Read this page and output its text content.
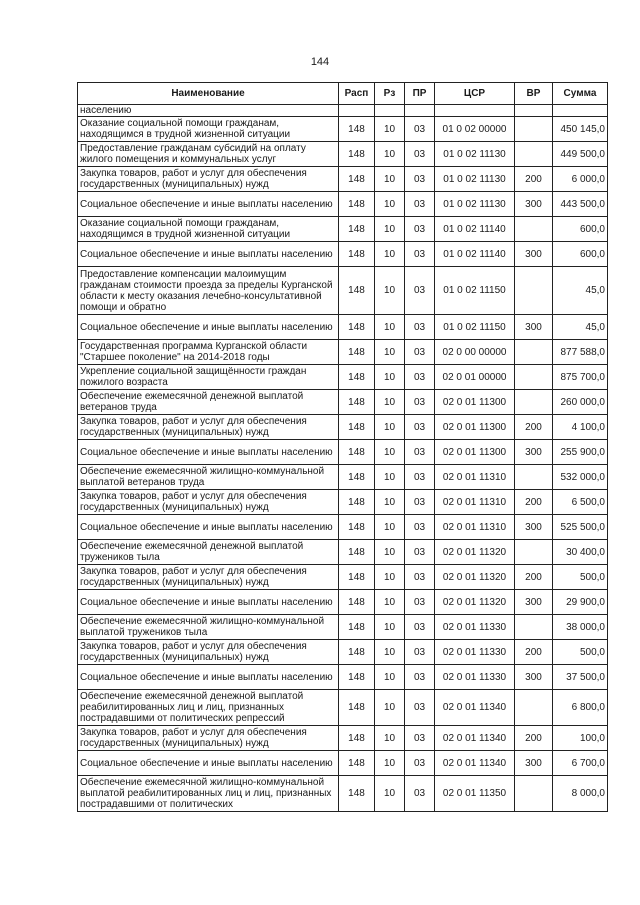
144
Наименование	Расп	Рз	ПР	ЦСР	ВР	Сумма
населению						
Оказание социальной помощи гражданам, находящимся в трудной жизненной ситуации	148	10	03	01 0 02 00000		450 145,0
Предоставление гражданам субсидий на оплату жилого помещения и коммунальных услуг	148	10	03	01 0 02 11130		449 500,0
Закупка товаров, работ и услуг для обеспечения государственных (муниципальных) нужд	148	10	03	01 0 02 11130	200	6 000,0
Социальное обеспечение и иные выплаты населению	148	10	03	01 0 02 11130	300	443 500,0
Оказание социальной помощи гражданам, находящимся в трудной жизненной ситуации	148	10	03	01 0 02 11140		600,0
Социальное обеспечение и иные выплаты населению	148	10	03	01 0 02 11140	300	600,0
Предоставление компенсации малоимущим гражданам стоимости проезда за пределы Курганской области к месту оказания лечебно-консультативной помощи и обратно	148	10	03	01 0 02 11150		45,0
Социальное обеспечение и иные выплаты населению	148	10	03	01 0 02 11150	300	45,0
Государственная программа Курганской области "Старшее поколение" на 2014-2018 годы	148	10	03	02 0 00 00000		877 588,0
Укрепление социальной защищённости граждан пожилого возраста	148	10	03	02 0 01 00000		875 700,0
Обеспечение ежемесячной денежной выплатой ветеранов труда	148	10	03	02 0 01 11300		260 000,0
Закупка товаров, работ и услуг для обеспечения государственных (муниципальных) нужд	148	10	03	02 0 01 11300	200	4 100,0
Социальное обеспечение и иные выплаты населению	148	10	03	02 0 01 11300	300	255 900,0
Обеспечение ежемесячной жилищно-коммунальной выплатой ветеранов труда	148	10	03	02 0 01 11310		532 000,0
Закупка товаров, работ и услуг для обеспечения государственных (муниципальных) нужд	148	10	03	02 0 01 11310	200	6 500,0
Социальное обеспечение и иные выплаты населению	148	10	03	02 0 01 11310	300	525 500,0
Обеспечение ежемесячной денежной выплатой тружеников тыла	148	10	03	02 0 01 11320		30 400,0
Закупка товаров, работ и услуг для обеспечения государственных (муниципальных) нужд	148	10	03	02 0 01 11320	200	500,0
Социальное обеспечение и иные выплаты населению	148	10	03	02 0 01 11320	300	29 900,0
Обеспечение ежемесячной жилищно-коммунальной выплатой тружеников тыла	148	10	03	02 0 01 11330		38 000,0
Закупка товаров, работ и услуг для обеспечения государственных (муниципальных) нужд	148	10	03	02 0 01 11330	200	500,0
Социальное обеспечение и иные выплаты населению	148	10	03	02 0 01 11330	300	37 500,0
Обеспечение ежемесячной денежной выплатой реабилитированных лиц и лиц, признанных пострадавшими от политических репрессий	148	10	03	02 0 01 11340		6 800,0
Закупка товаров, работ и услуг для обеспечения государственных (муниципальных) нужд	148	10	03	02 0 01 11340	200	100,0
Социальное обеспечение и иные выплаты населению	148	10	03	02 0 01 11340	300	6 700,0
Обеспечение ежемесячной жилищно-коммунальной выплатой реабилитированных лиц и лиц, признанных пострадавшими от политических	148	10	03	02 0 01 11350		8 000,0
